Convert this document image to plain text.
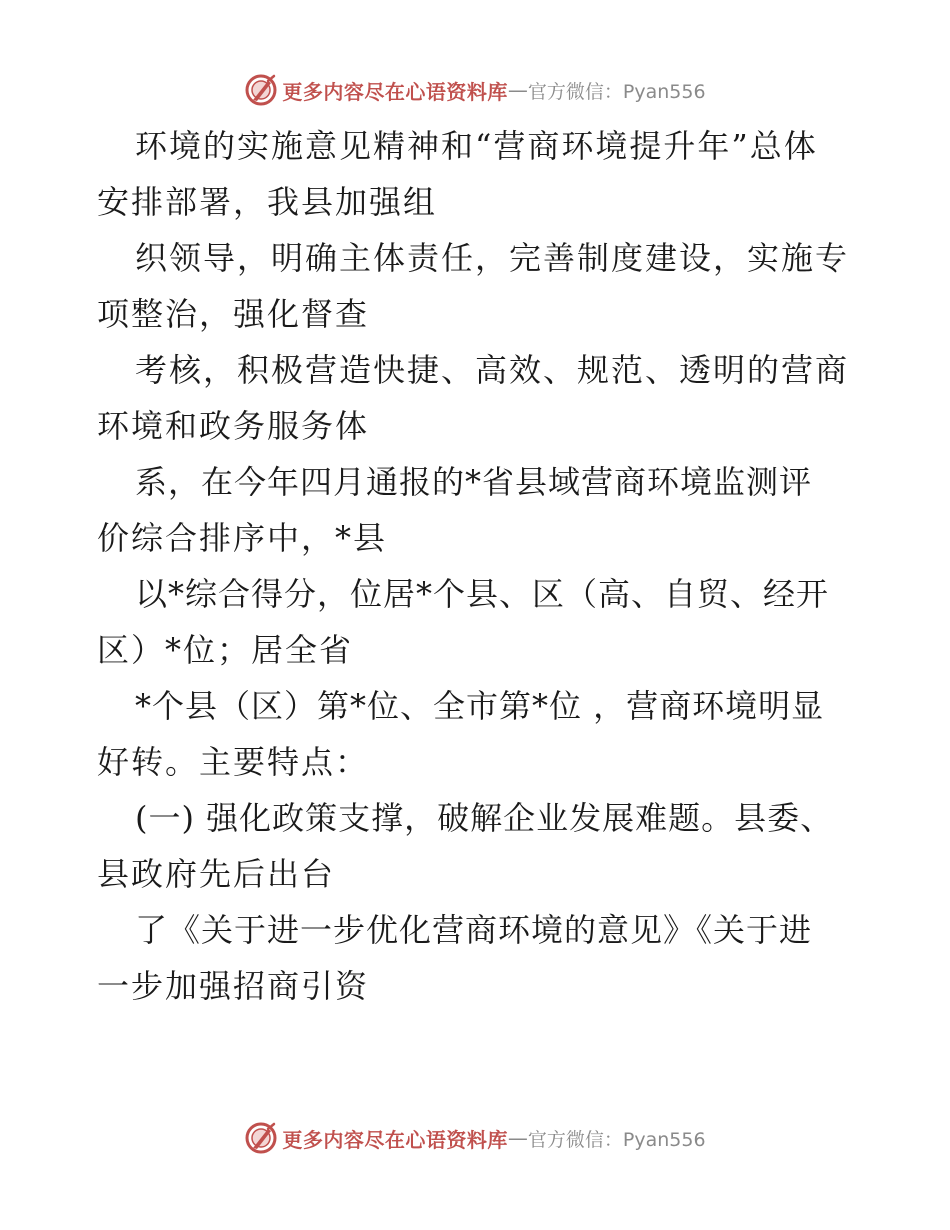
更多内容尽在心语资料库 — 官方微信：Pyan556
环境的实施意见精神和“营商环境提升年”总体
安排部署，我县加强组
织领导，明确主体责任，完善制度建设，实施专
项整治，强化督查
考核，积极营造快捷、高效、规范、透明的营商
环境和政务服务体
系，在今年四月通报的*省县域营商环境监测评
价综合排序中，*县
以*综合得分，位居*个县、区（高、自贸、经开
区）*位；居全省
*个县（区）第*位、全市第*位 ，营商环境明显
好转。主要特点：
(一) 强化政策支撑，破解企业发展难题。县委、
县政府先后出台
了《关于进一步优化营商环境的意见》《关于进
一步加强招商引资
更多内容尽在心语资料库 — 官方微信：Pyan556
